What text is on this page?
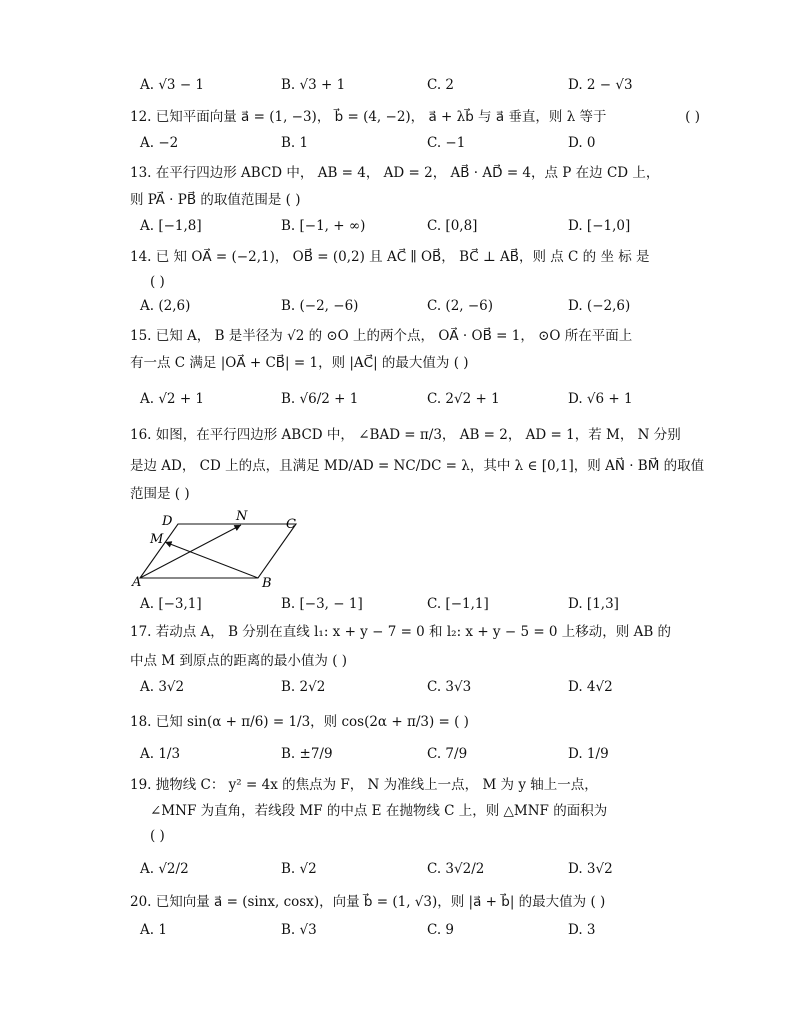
A. √3 − 1	B. √3 + 1	C. 2	D. 2 − √3
12. 已知平面向量 a⃗ = (1, −3)， b⃗ = (4, −2)， a⃗ + λb⃗ 与 a⃗ 垂直，则 λ 等于	( )
A. −2	B. 1	C. −1	D. 0
13. 在平行四边形 ABCD 中， AB = 4， AD = 2， AB⃗ · AD⃗ = 4，点 P 在边 CD 上，
则 PA⃗ · PB⃗ 的取值范围是 ( )
A. [−1,8]	B. [−1, + ∞)	C. [0,8]	D. [−1,0]
14. 已 知 OA⃗ = (−2,1)， OB⃗ = (0,2) 且 AC⃗ ∥ OB⃗， BC⃗ ⊥ AB⃗，则 点 C 的 坐 标 是
( )
A. (2,6)	B. (−2, −6)	C. (2, −6)	D. (−2,6)
15. 已知 A， B 是半径为 √2 的 ⊙O 上的两个点， OA⃗ · OB⃗ = 1， ⊙O 所在平面上
有一点 C 满足 |OA⃗ + CB⃗| = 1，则 |AC⃗| 的最大值为 ( )
A. √2 + 1	B. √6/2 + 1	C. 2√2 + 1	D. √6 + 1
16. 如图，在平行四边形 ABCD 中， ∠BAD = π/3， AB = 2， AD = 1，若 M， N 分别
是边 AD， CD 上的点，且满足 MD/AD = NC/DC = λ，其中 λ ∈ [0,1]，则 AN⃗ · BM⃗ 的取值
范围是 ( )
D	N
C
M
A	B
A. [−3,1]	B. [−3, − 1]	C. [−1,1]	D. [1,3]
17. 若动点 A， B 分别在直线 l₁: x + y − 7 = 0 和 l₂: x + y − 5 = 0 上移动，则 AB 的
中点 M 到原点的距离的最小值为 ( )
A. 3√2	B. 2√2	C. 3√3	D. 4√2
18. 已知 sin(α + π/6) = 1/3，则 cos(2α + π/3) = ( )
A. 1/3	B. ±7/9	C. 7/9	D. 1/9
19. 抛物线 C： y² = 4x 的焦点为 F， N 为准线上一点， M 为 y 轴上一点，
∠MNF 为直角，若线段 MF 的中点 E 在抛物线 C 上，则 △MNF 的面积为
( )
A. √2/2	B. √2	C. 3√2/2	D. 3√2
20. 已知向量 a⃗ = (sinx, cosx)，向量 b⃗ = (1, √3)，则 |a⃗ + b⃗| 的最大值为 ( )
A. 1	B. √3	C. 9	D. 3
